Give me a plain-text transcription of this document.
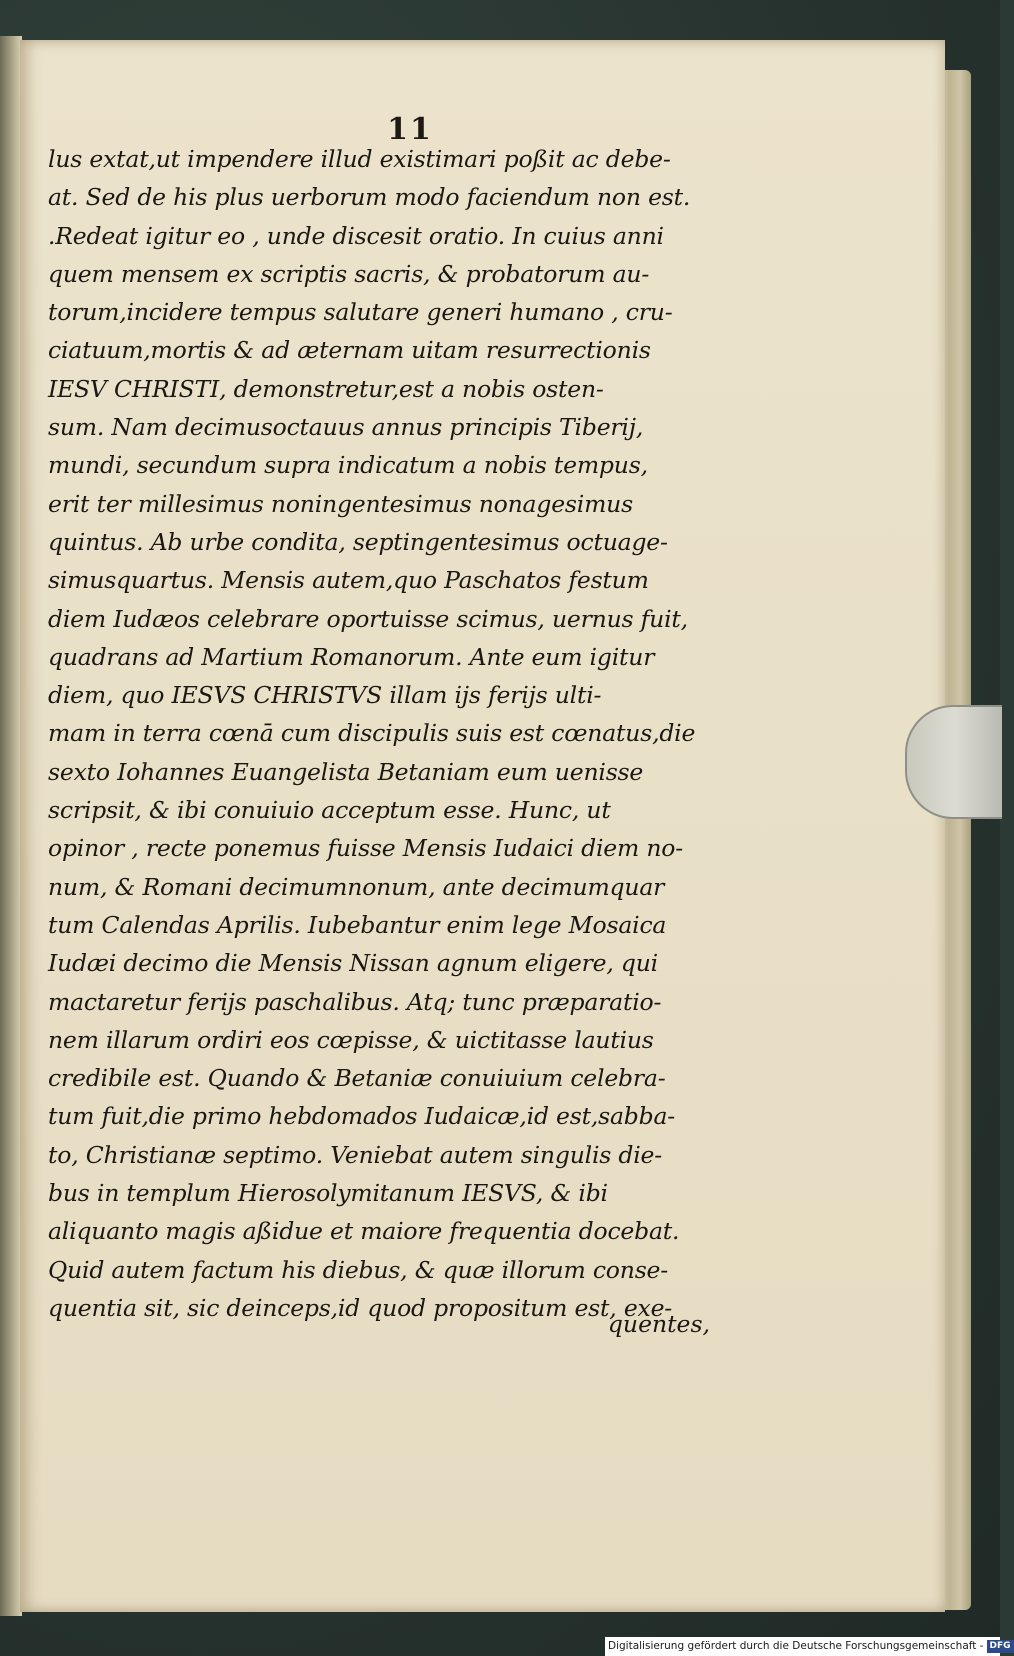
11
lus extat,ut impendere illud existimari poßit ac debe-
at. Sed de his plus uerborum modo faciendum non est.
.Redeat igitur eo , unde discesit oratio. In cuius anni
quem mensem ex scriptis sacris, & probatorum au-
torum,incidere tempus salutare generi humano , cru-
ciatuum,mortis & ad æternam uitam resurrectionis
IESV CHRISTI, demonstretur,est a nobis osten-
sum. Nam decimusoctauus annus principis Tiberij,
mundi, secundum supra indicatum a nobis tempus,
erit ter millesimus noningentesimus nonagesimus
quintus. Ab urbe condita, septingentesimus octuage-
simusquartus. Mensis autem,quo Paschatos festum
diem Iudæos celebrare oportuisse scimus, uernus fuit,
quadrans ad Martium Romanorum. Ante eum igitur
diem, quo IESVS CHRISTVS illam ijs ferijs ulti-
mam in terra cœnā cum discipulis suis est cœnatus,die
sexto Iohannes Euangelista Betaniam eum uenisse
scripsit, & ibi conuiuio acceptum esse. Hunc, ut
opinor , recte ponemus fuisse Mensis Iudaici diem no-
num, & Romani decimumnonum, ante decimumquar
tum Calendas Aprilis. Iubebantur enim lege Mosaica
Iudæi decimo die Mensis Nissan agnum eligere, qui
mactaretur ferijs paschalibus. Atq; tunc præparatio-
nem illarum ordiri eos cœpisse, & uictitasse lautius
credibile est. Quando & Betaniæ conuiuium celebra-
tum fuit,die primo hebdomados Iudaicæ,id est,sabba-
to, Christianæ septimo. Veniebat autem singulis die-
bus in templum Hierosolymitanum IESVS, & ibi
aliquanto magis aßidue et maiore frequentia docebat.
Quid autem factum his diebus, & quæ illorum conse-
quentia sit, sic deinceps,id quod propositum est, exe-
quentes,
Digitalisierung gefördert durch die Deutsche Forschungsgemeinschaft - DFG
